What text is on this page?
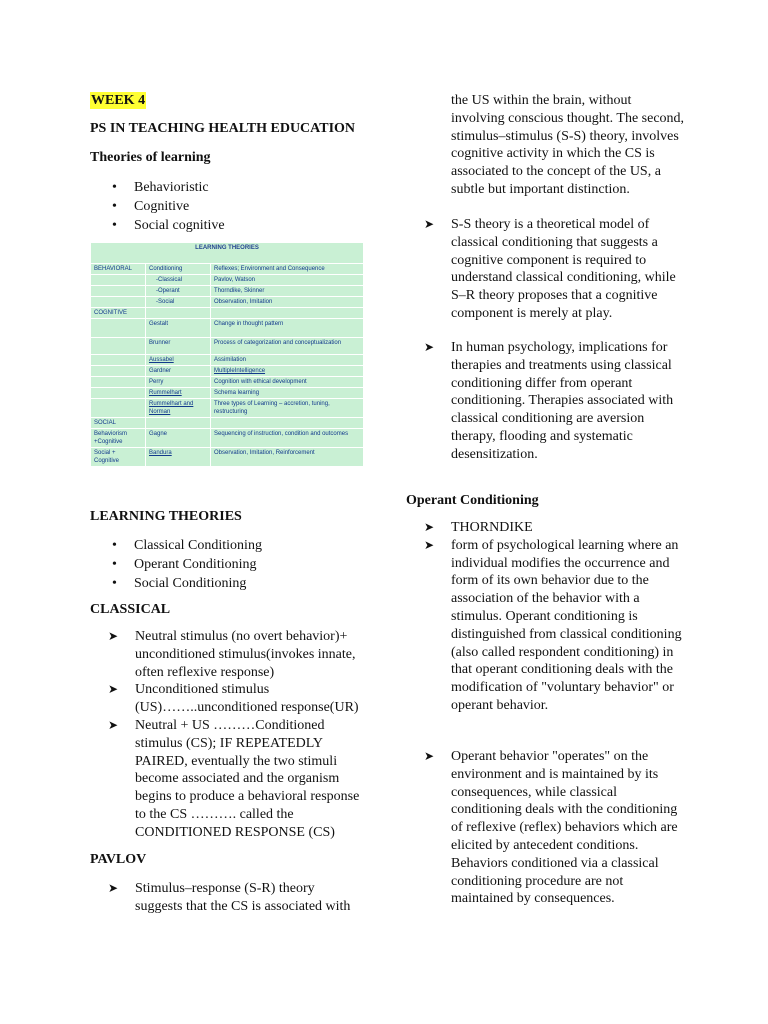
WEEK 4
PS IN TEACHING HEALTH EDUCATION
Theories of learning
• Behavioristic
• Cognitive
• Social cognitive
LEARNING THEORIES		
BEHAVIORAL	Conditioning	Reflexes; Environment and Consequence
	-Classical	Pavlov, Watson
	-Operant	Thorndike, Skinner
	-Social	Observation, Imitation
COGNITIVE		
	Gestalt	Change in thought pattern
	Brunner	Process of categorization and conceptualization
	Aussabel	Assimilation
	Gardner	MultipleIntelligence
	Perry	Cognition with ethical development
	Rummelhart	Schema learning
	Rummelhart and Norman	Three types of Learning – accretion, tuning, restructuring
SOCIAL		
Behaviorism +Cognitive	Gagne	Sequencing of instruction, condition and outcomes
Social + Cognitive	Bandura	Observation, Imitation, Reinforcement
LEARNING THEORIES
• Classical Conditioning
• Operant Conditioning
• Social Conditioning
CLASSICAL
➤ Neutral stimulus (no overt behavior)+ unconditioned stimulus(invokes innate, often reflexive response)
➤ Unconditioned stimulus (US)……..unconditioned response(UR)
➤ Neutral + US ………Conditioned stimulus (CS); IF REPEATEDLY PAIRED, eventually the two stimuli become associated and the organism begins to produce a behavioral response to the CS ………. called the CONDITIONED RESPONSE (CS)
PAVLOV
➤ Stimulus–response (S-R) theory suggests that the CS is associated with
the US within the brain, without involving conscious thought. The second, stimulus–stimulus (S-S) theory, involves cognitive activity in which the CS is associated to the concept of the US, a subtle but important distinction.
➤ S-S theory is a theoretical model of classical conditioning that suggests a cognitive component is required to understand classical conditioning, while S–R theory proposes that a cognitive component is merely at play.
➤ In human psychology, implications for therapies and treatments using classical conditioning differ from operant conditioning. Therapies associated with classical conditioning are aversion therapy, flooding and systematic desensitization.
Operant Conditioning
➤ THORNDIKE
➤ form of psychological learning where an individual modifies the occurrence and form of its own behavior due to the association of the behavior with a stimulus. Operant conditioning is distinguished from classical conditioning (also called respondent conditioning) in that operant conditioning deals with the modification of "voluntary behavior" or operant behavior.
➤ Operant behavior "operates" on the environment and is maintained by its consequences, while classical conditioning deals with the conditioning of reflexive (reflex) behaviors which are elicited by antecedent conditions. Behaviors conditioned via a classical conditioning procedure are not maintained by consequences.
